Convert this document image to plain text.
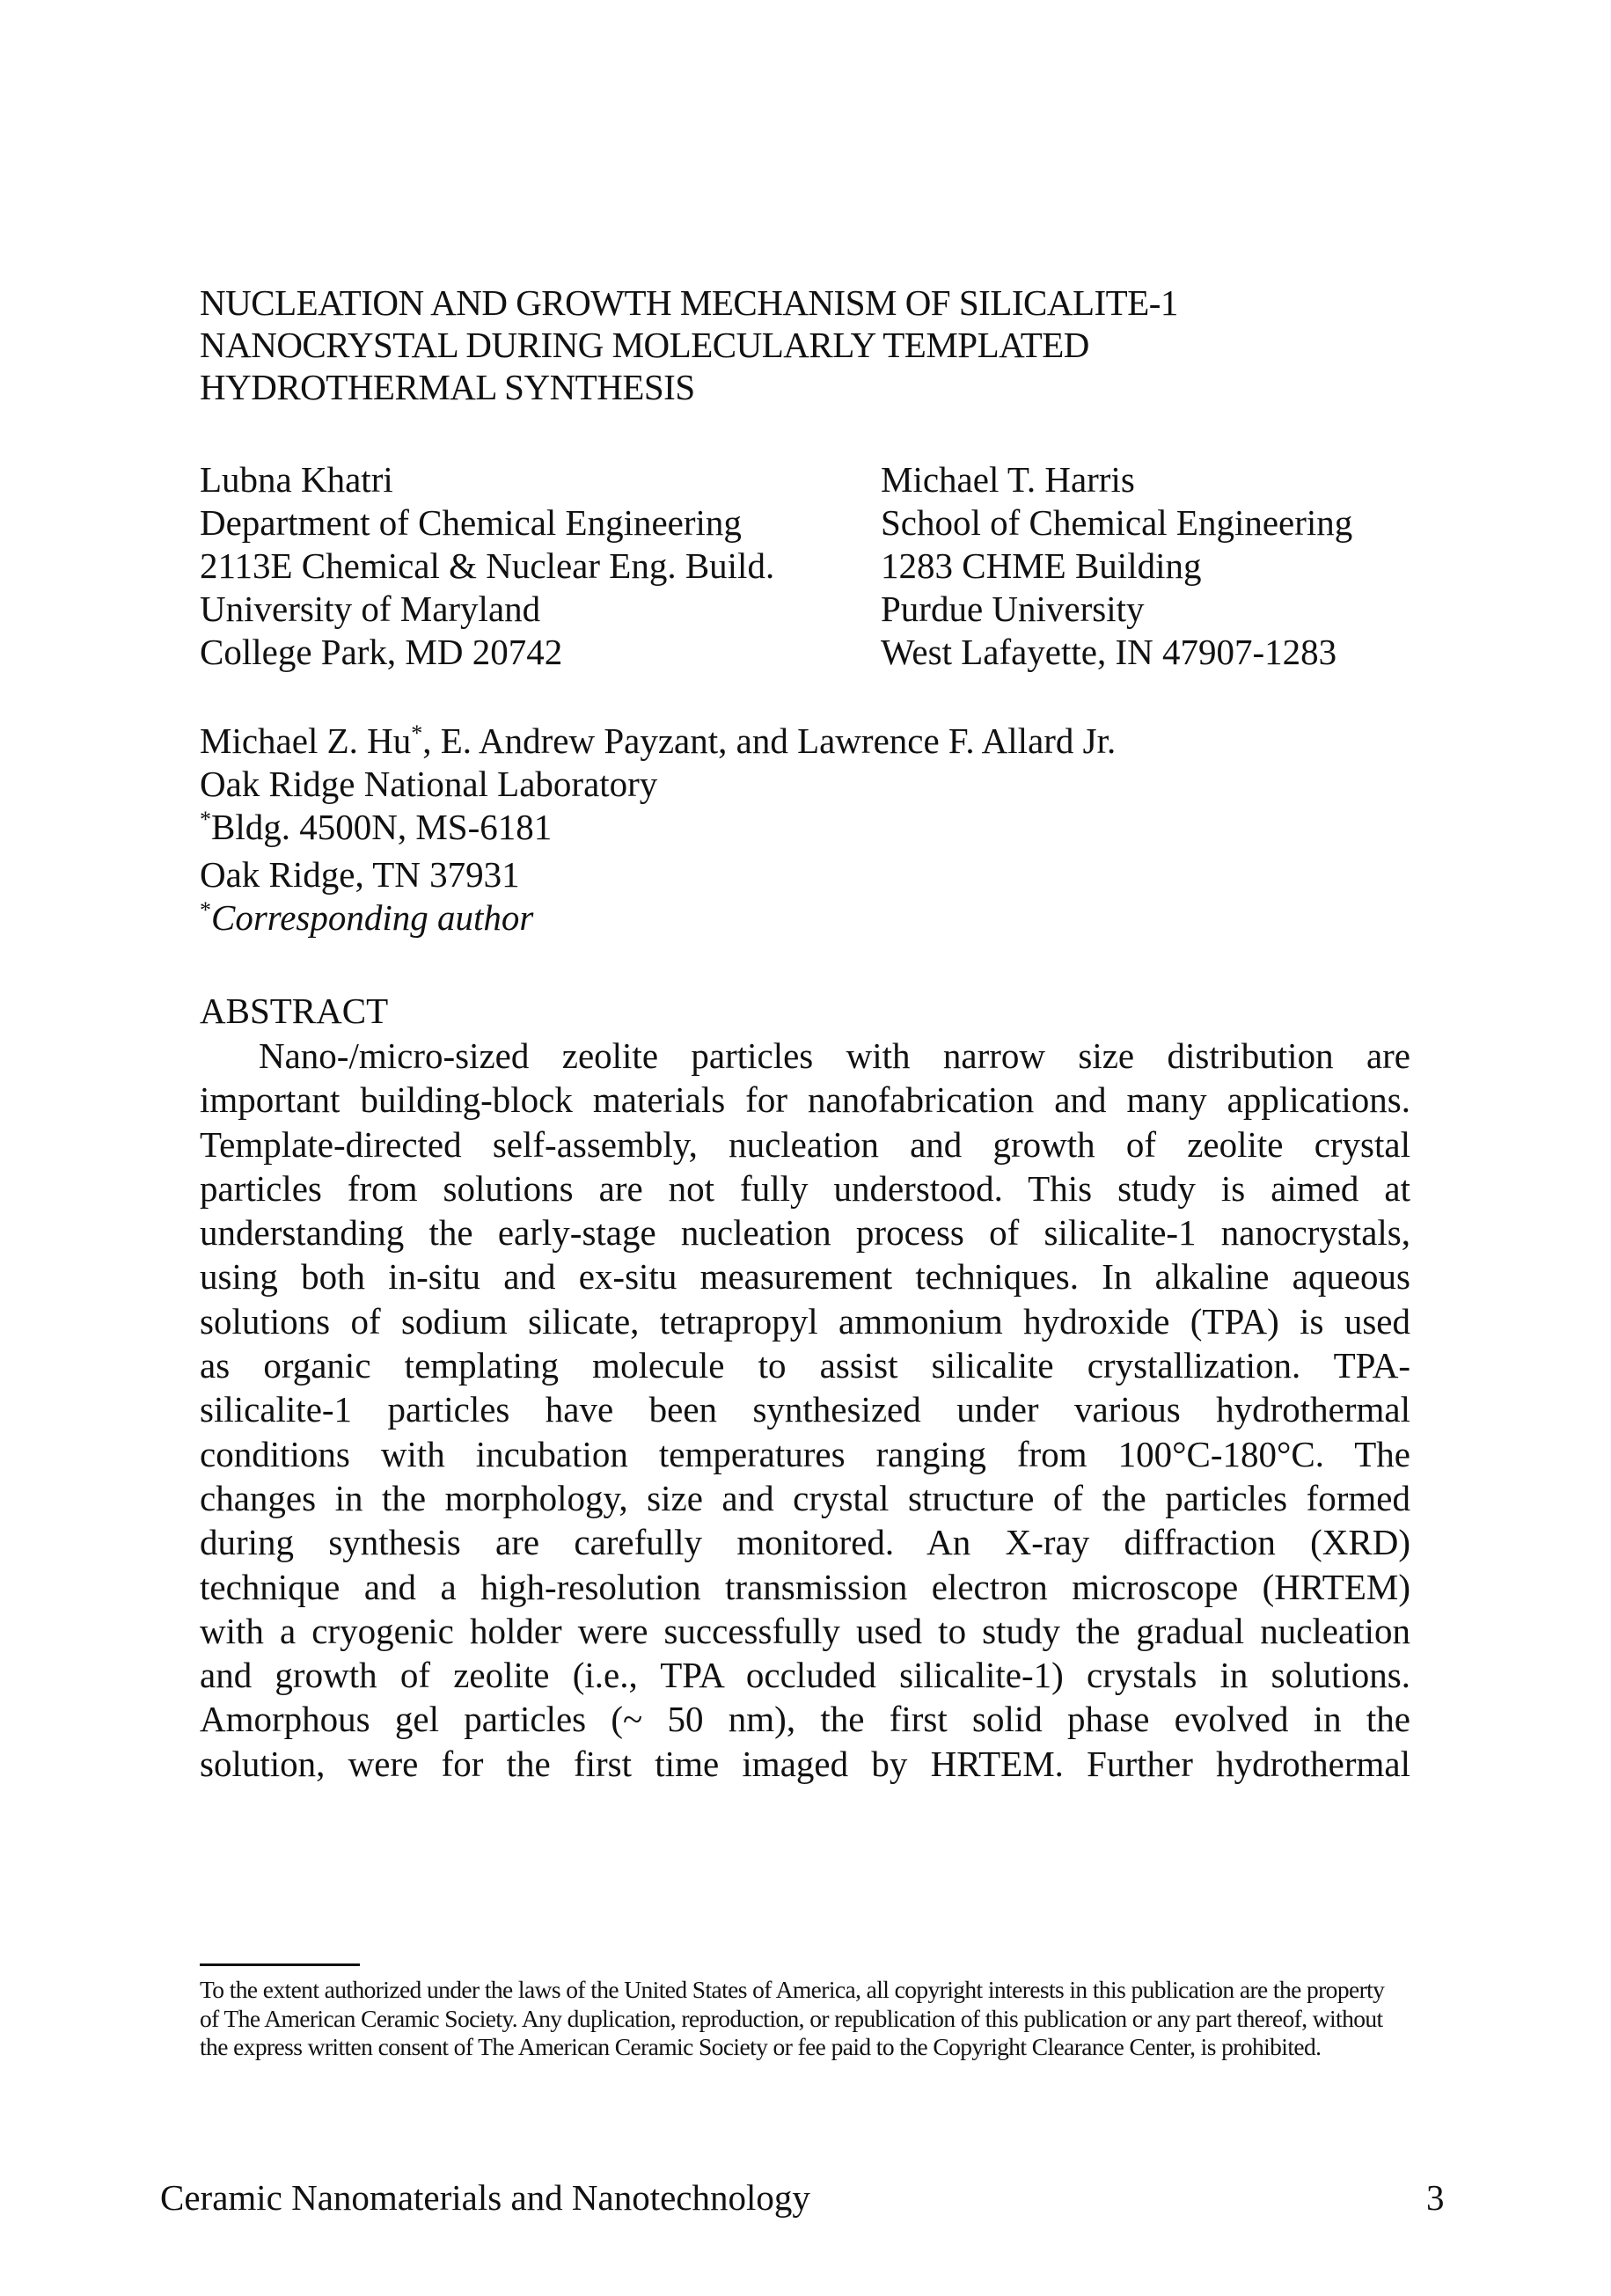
NUCLEATION AND GROWTH MECHANISM OF SILICALITE-1
NANOCRYSTAL DURING MOLECULARLY TEMPLATED
HYDROTHERMAL SYNTHESIS
Lubna Khatri
Department of Chemical Engineering
2113E Chemical & Nuclear Eng. Build.
University of Maryland
College Park, MD 20742
Michael T. Harris
School of Chemical Engineering
1283 CHME Building
Purdue University
West Lafayette, IN 47907-1283
Michael Z. Hu*, E. Andrew Payzant, and Lawrence F. Allard Jr.
Oak Ridge National Laboratory
*Bldg. 4500N, MS-6181
Oak Ridge, TN 37931
*Corresponding author
ABSTRACT
Nano-/micro-sized zeolite particles with narrow size distribution are
important building-block materials for nanofabrication and many applications.
Template-directed self-assembly, nucleation and growth of zeolite crystal
particles from solutions are not fully understood. This study is aimed at
understanding the early-stage nucleation process of silicalite-1 nanocrystals,
using both in-situ and ex-situ measurement techniques. In alkaline aqueous
solutions of sodium silicate, tetrapropyl ammonium hydroxide (TPA) is used
as organic templating molecule to assist silicalite crystallization. TPA-
silicalite-1 particles have been synthesized under various hydrothermal
conditions with incubation temperatures ranging from 100°C-180°C. The
changes in the morphology, size and crystal structure of the particles formed
during synthesis are carefully monitored. An X-ray diffraction (XRD)
technique and a high-resolution transmission electron microscope (HRTEM)
with a cryogenic holder were successfully used to study the gradual nucleation
and growth of zeolite (i.e., TPA occluded silicalite-1) crystals in solutions.
Amorphous gel particles (~ 50 nm), the first solid phase evolved in the
solution, were for the first time imaged by HRTEM. Further hydrothermal
To the extent authorized under the laws of the United States of America, all copyright interests in this publication are the property
of The American Ceramic Society. Any duplication, reproduction, or republication of this publication or any part thereof, without
the express written consent of The American Ceramic Society or fee paid to the Copyright Clearance Center, is prohibited.
Ceramic Nanomaterials and Nanotechnology	3
